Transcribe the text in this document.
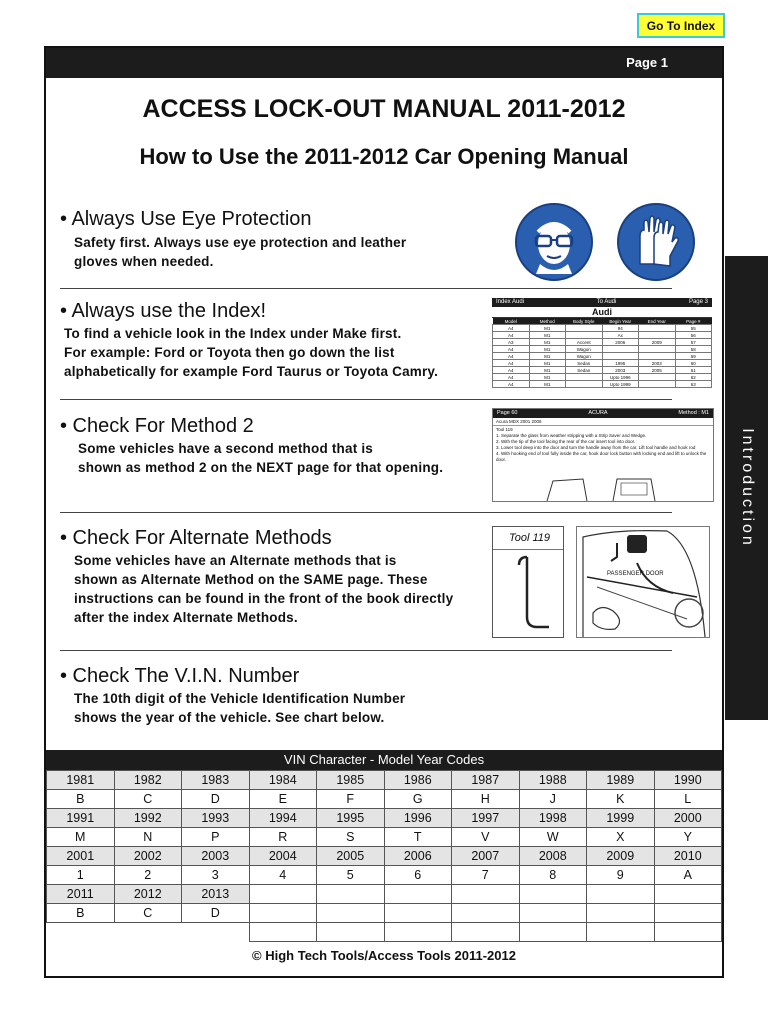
Go To Index
Introduction
Page 1
ACCESS LOCK-OUT MANUAL 2011-2012
How to Use the 2011-2012 Car Opening Manual
• Always Use Eye Protection
Safety first. Always use eye protection and leather
gloves when needed.
• Always use the Index!
To find a vehicle look in the Index under Make first.
For example: Ford or Toyota then go down the list
alphabetically for example Ford Taurus or Toyota Camry.
Index Audi	To Audi	Page 3
Audi
Model	Method	Body Style	Begin Year	End Year	Page #
A4	M1		94		55
A4	M1		Ax		56
A3	M1	Accent	2006	2009	57
A4	M1	Wagon			58
A4	M1	Wagon			59
A4	M1	Sedan	1995	2003	60
A4	M1	Sedan	2003	2005	61
A4	M1		Upto 1996		62
A4	M1		Upto 1999		63
• Check For Method 2
Some vehicles have a second method that is
shown as method 2 on the NEXT page for that opening.
Page 60	ACURA	Method : M1
Acura MDX 2001 2006
Tool 119
1. Separate the glass from weather stripping with a Strip Saver and Wedge.
2. With the tip of the tool facing the rear of the car insert tool into door.
3. Lower tool deep into the door and turn the handle away from the car. Lift tool handle and hook rod
4. With hooking end of tool fully inside the car, hook door lock button with locking end and lift to unlock the door.
• Check For Alternate Methods
Some vehicles have an Alternate methods that is
shown as Alternate Method on the SAME page. These
instructions can be found in the front of the book directly
after the index Alternate Methods.
Tool 119
PASSENGER DOOR
• Check The V.I.N. Number
The 10th digit of the Vehicle Identification Number
shows the year of the vehicle. See chart below.
VIN Character - Model Year Codes
1981	1982	1983	1984	1985	1986	1987	1988	1989	1990
B	C	D	E	F	G	H	J	K	L
1991	1992	1993	1994	1995	1996	1997	1998	1999	2000
M	N	P	R	S	T	V	W	X	Y
2001	2002	2003	2004	2005	2006	2007	2008	2009	2010
1	2	3	4	5	6	7	8	9	A
2011	2012	2013							
B	C	D							

© High Tech Tools/Access Tools 2011-2012
